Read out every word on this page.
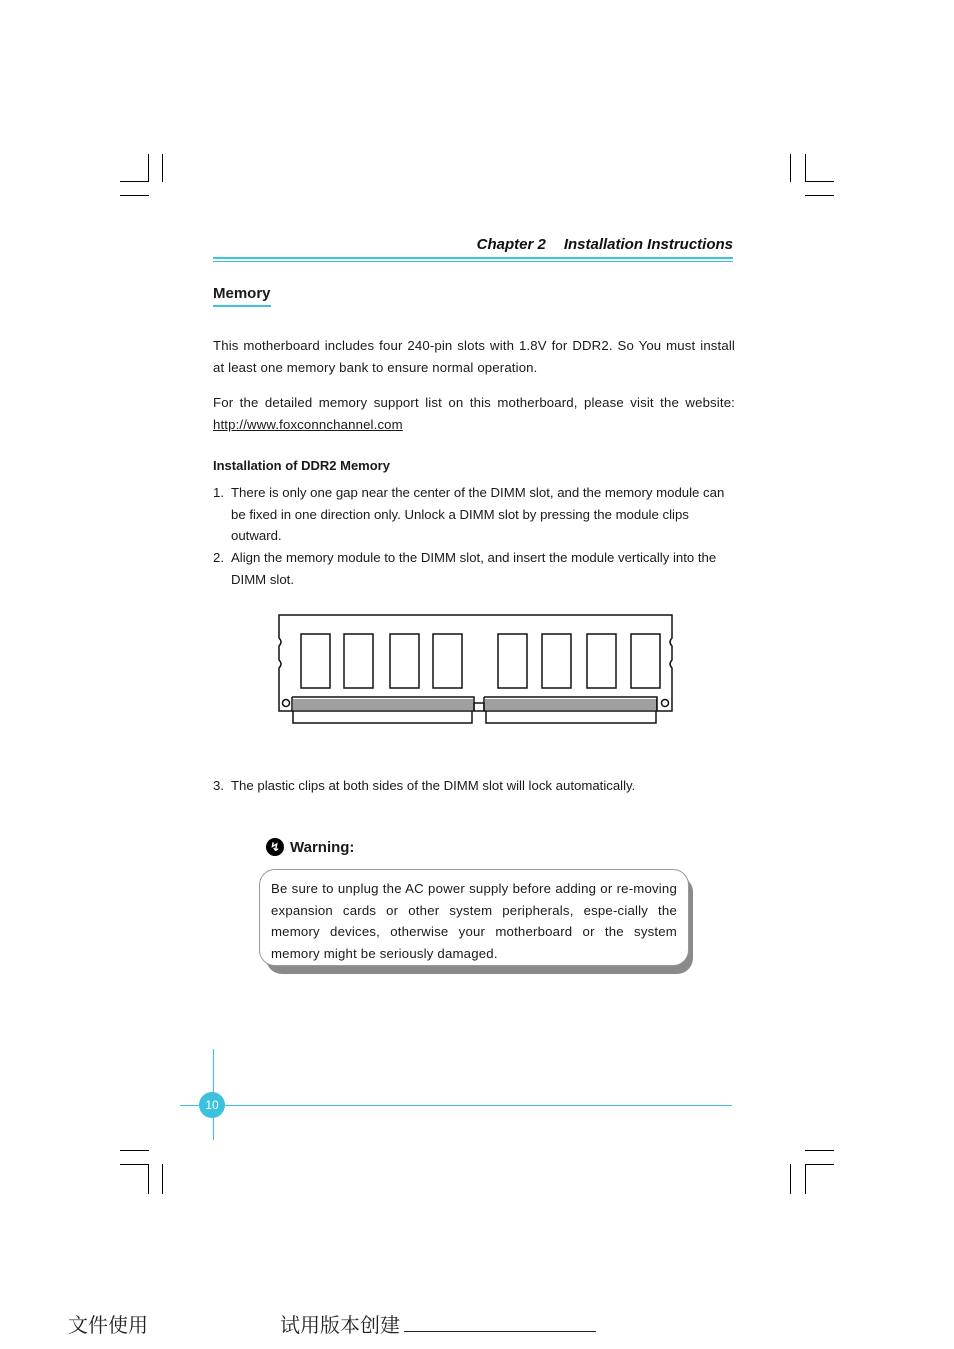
Chapter 2 Installation Instructions
Memory
This motherboard includes four 240-pin slots with 1.8V for DDR2. So You must install at least one memory bank to ensure normal operation.
For the detailed memory support list on this motherboard, please visit the website: http://www.foxconnchannel.com
Installation of DDR2 Memory
1. There is only one gap near the center of the DIMM slot, and the memory module can be fixed in one direction only. Unlock a DIMM slot by pressing the module clips outward.
2. Align the memory module to the DIMM slot, and insert the module vertically into the DIMM slot.
3. The plastic clips at both sides of the DIMM slot will lock automatically.
↯ Warning:
Be sure to unplug the AC power supply before adding or re-moving expansion cards or other system peripherals, espe-cially the memory devices, otherwise your motherboard or the system memory might be seriously damaged.
10
文件使用	试用版本创建
